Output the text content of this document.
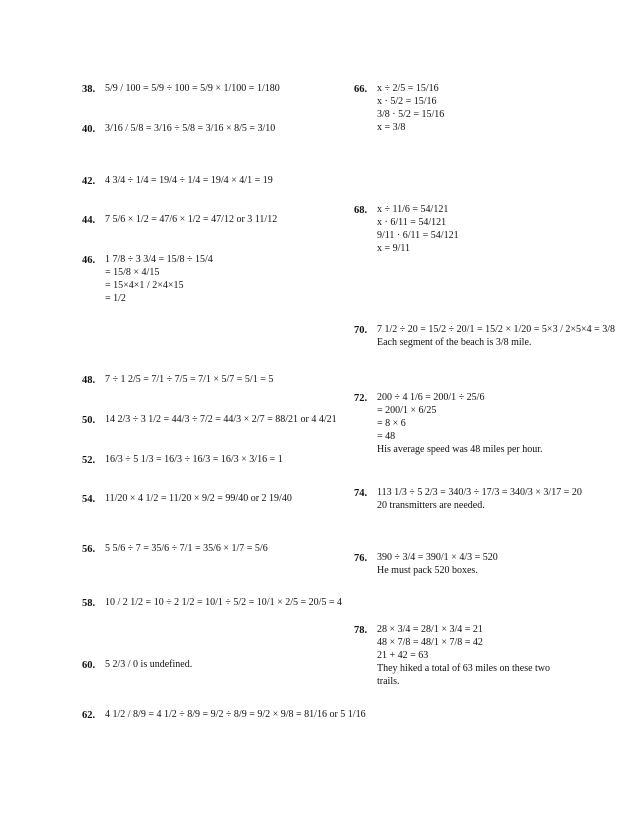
38. 5/9 / 100 = 5/9 ÷ 100 = 5/9 × 1/100 = 1/180
40. 3/16 / 5/8 = 3/16 ÷ 5/8 = 3/16 × 8/5 = 3/10
42. 4 3/4 ÷ 1/4 = 19/4 ÷ 1/4 = 19/4 × 4/1 = 19
44. 7 5/6 × 1/2 = 47/6 × 1/2 = 47/12 or 3 11/12
46. 1 7/8 ÷ 3 3/4 = 15/8 ÷ 15/4
= 15/8 × 4/15
= 15×4×1 / 2×4×15
= 1/2
48. 7 ÷ 1 2/5 = 7/1 ÷ 7/5 = 7/1 × 5/7 = 5/1 = 5
50. 14 2/3 ÷ 3 1/2 = 44/3 ÷ 7/2 = 44/3 × 2/7 = 88/21 or 4 4/21
52. 16/3 ÷ 5 1/3 = 16/3 ÷ 16/3 = 16/3 × 3/16 = 1
54. 11/20 × 4 1/2 = 11/20 × 9/2 = 99/40 or 2 19/40
56. 5 5/6 ÷ 7 = 35/6 ÷ 7/1 = 35/6 × 1/7 = 5/6
58. 10 / 2 1/2 = 10 ÷ 2 1/2 = 10/1 ÷ 5/2 = 10/1 × 2/5 = 20/5 = 4
60. 5 2/3 / 0 is undefined.
62. 4 1/2 / 8/9 = 4 1/2 ÷ 8/9 = 9/2 ÷ 8/9 = 9/2 × 9/8 = 81/16 or 5 1/16
66. x ÷ 2/5 = 15/16
x · 5/2 = 15/16
3/8 · 5/2 = 15/16
x = 3/8
68. x ÷ 11/6 = 54/121
x · 6/11 = 54/121
9/11 · 6/11 = 54/121
x = 9/11
70. 7 1/2 ÷ 20 = 15/2 ÷ 20/1 = 15/2 × 1/20 = 5×3 / 2×5×4 = 3/8
Each segment of the beach is 3/8 mile.
72. 200 ÷ 4 1/6 = 200/1 ÷ 25/6
= 200/1 × 6/25
= 8 × 6
= 48
His average speed was 48 miles per hour.
74. 113 1/3 ÷ 5 2/3 = 340/3 ÷ 17/3 = 340/3 × 3/17 = 20
20 transmitters are needed.
76. 390 ÷ 3/4 = 390/1 × 4/3 = 520
He must pack 520 boxes.
78. 28 × 3/4 = 28/1 × 3/4 = 21
48 × 7/8 = 48/1 × 7/8 = 42
21 + 42 = 63
They hiked a total of 63 miles on these two
trails.
